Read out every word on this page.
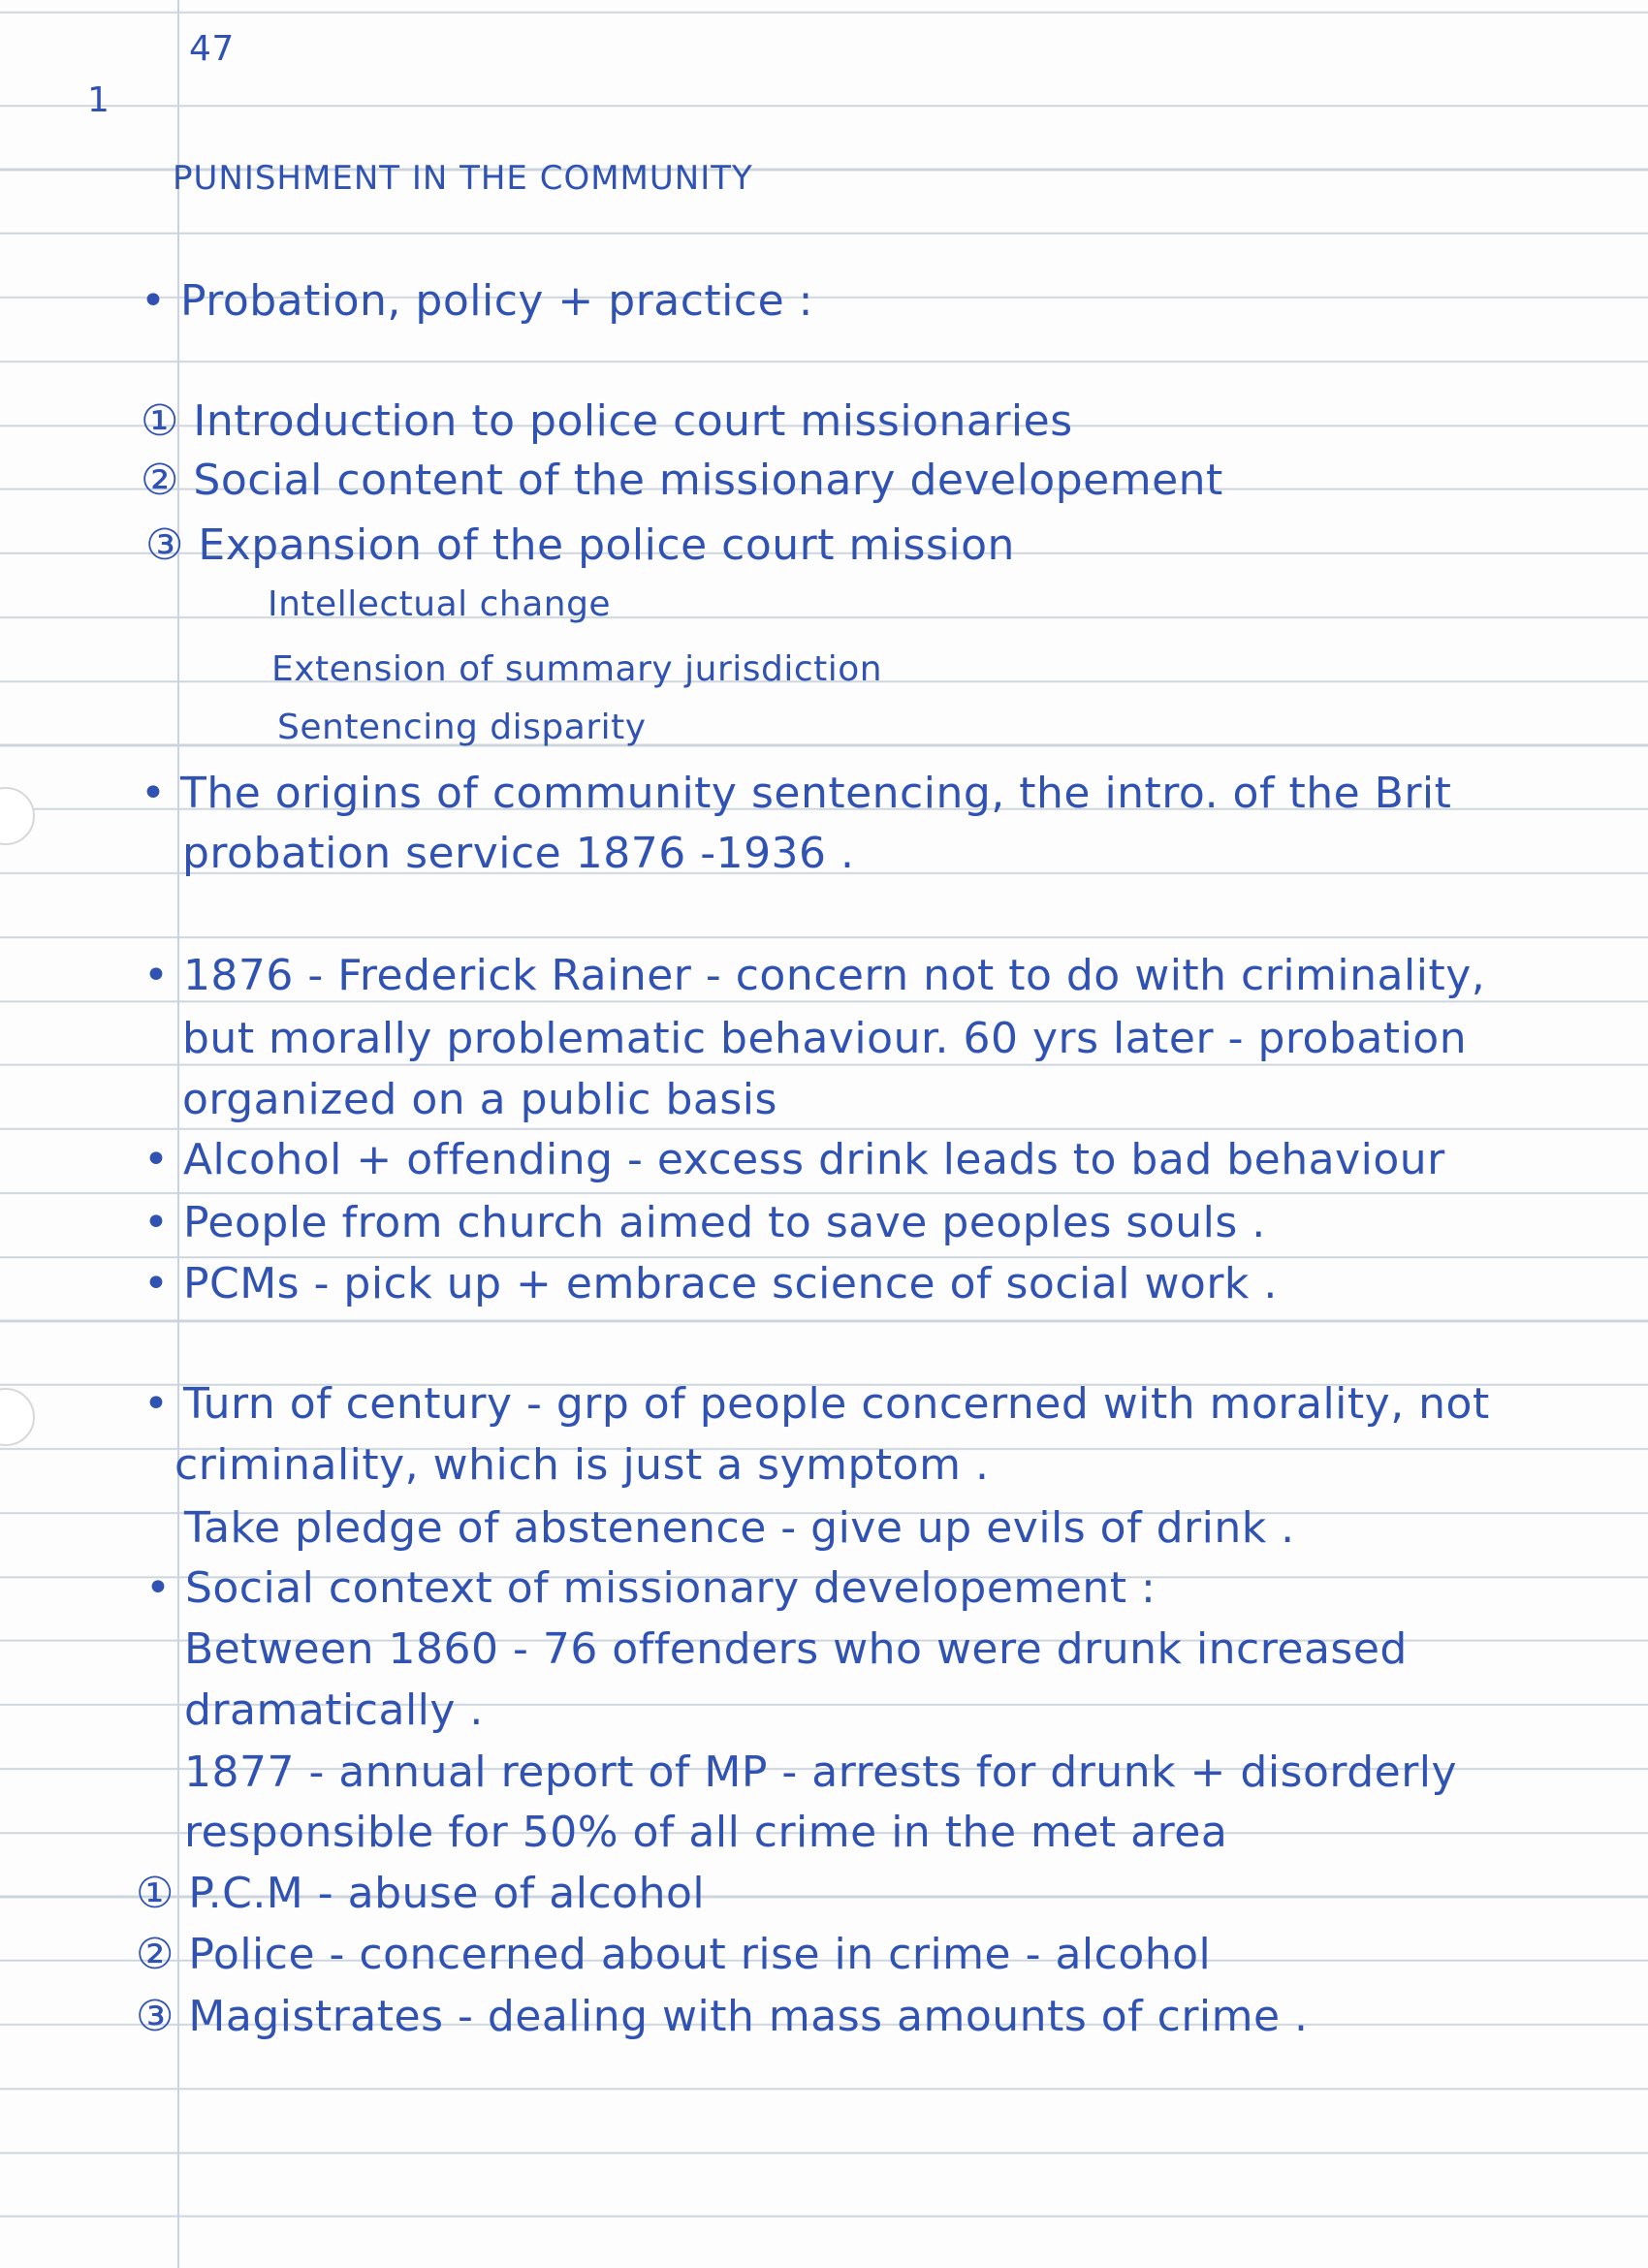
47
1
PUNISHMENT IN THE COMMUNITY
• Probation, policy + practice :
① Introduction to police court missionaries
② Social content of the missionary developement
③ Expansion of the police court mission
Intellectual change
Extension of summary jurisdiction
Sentencing disparity
• The origins of community sentencing, the intro. of the Brit
probation service 1876 -1936 .
• 1876 - Frederick Rainer - concern not to do with criminality,
but morally problematic behaviour. 60 yrs later - probation
organized on a public basis
• Alcohol + offending - excess drink leads to bad behaviour
• People from church aimed to save peoples souls .
• PCMs - pick up + embrace science of social work .
• Turn of century - grp of people concerned with morality, not
criminality, which is just a symptom .
Take pledge of abstenence - give up evils of drink .
• Social context of missionary developement :
Between 1860 - 76 offenders who were drunk increased
dramatically .
1877 - annual report of MP - arrests for drunk + disorderly
responsible for 50% of all crime in the met area
① P.C.M - abuse of alcohol
② Police - concerned about rise in crime - alcohol
③ Magistrates - dealing with mass amounts of crime .
